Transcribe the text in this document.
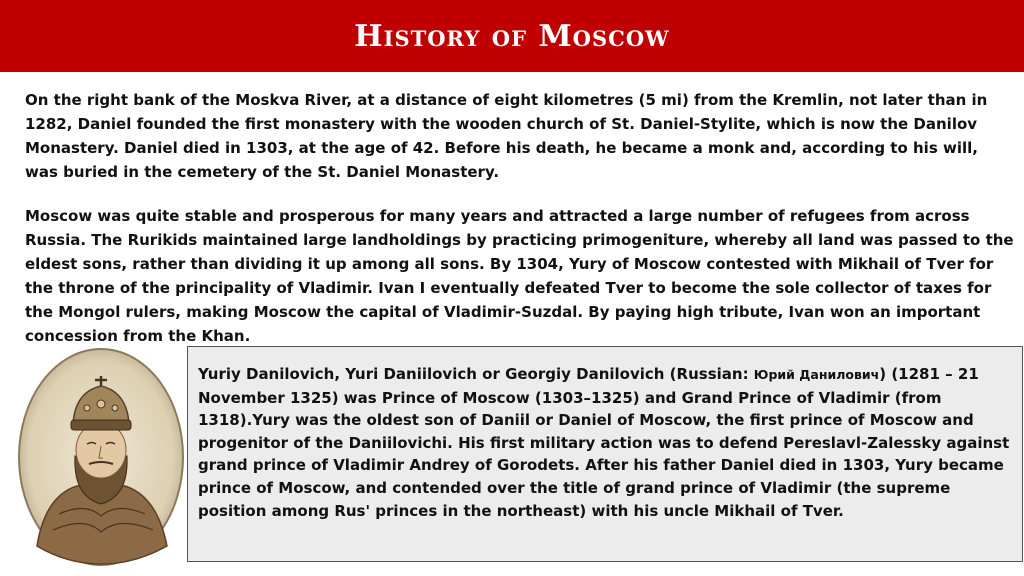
History of Moscow

On the right bank of the Moskva River, at a distance of eight kilometres (5 mi) from the Kremlin, not later than in 1282, Daniel founded the first monastery with the wooden church of St. Daniel-Stylite, which is now the Danilov Monastery. Daniel died in 1303, at the age of 42. Before his death, he became a monk and, according to his will, was buried in the cemetery of the St. Daniel Monastery.

Moscow was quite stable and prosperous for many years and attracted a large number of refugees from across Russia. The Rurikids maintained large landholdings by practicing primogeniture, whereby all land was passed to the eldest sons, rather than dividing it up among all sons. By 1304, Yury of Moscow contested with Mikhail of Tver for the throne of the principality of Vladimir. Ivan I eventually defeated Tver to become the sole collector of taxes for the Mongol rulers, making Moscow the capital of Vladimir-Suzdal. By paying high tribute, Ivan won an important concession from the Khan.

Yuriy Danilovich, Yuri Daniilovich or Georgiy Danilovich (Russian: Юрий Данилович) (1281 – 21 November 1325) was Prince of Moscow (1303–1325) and Grand Prince of Vladimir (from 1318).Yury was the oldest son of Daniil or Daniel of Moscow, the first prince of Moscow and progenitor of the Daniilovichi. His first military action was to defend Pereslavl-Zalessky against grand prince of Vladimir Andrey of Gorodets. After his father Daniel died in 1303, Yury became prince of Moscow, and contended over the title of grand prince of Vladimir (the supreme position among Rus' princes in the northeast) with his uncle Mikhail of Tver.
